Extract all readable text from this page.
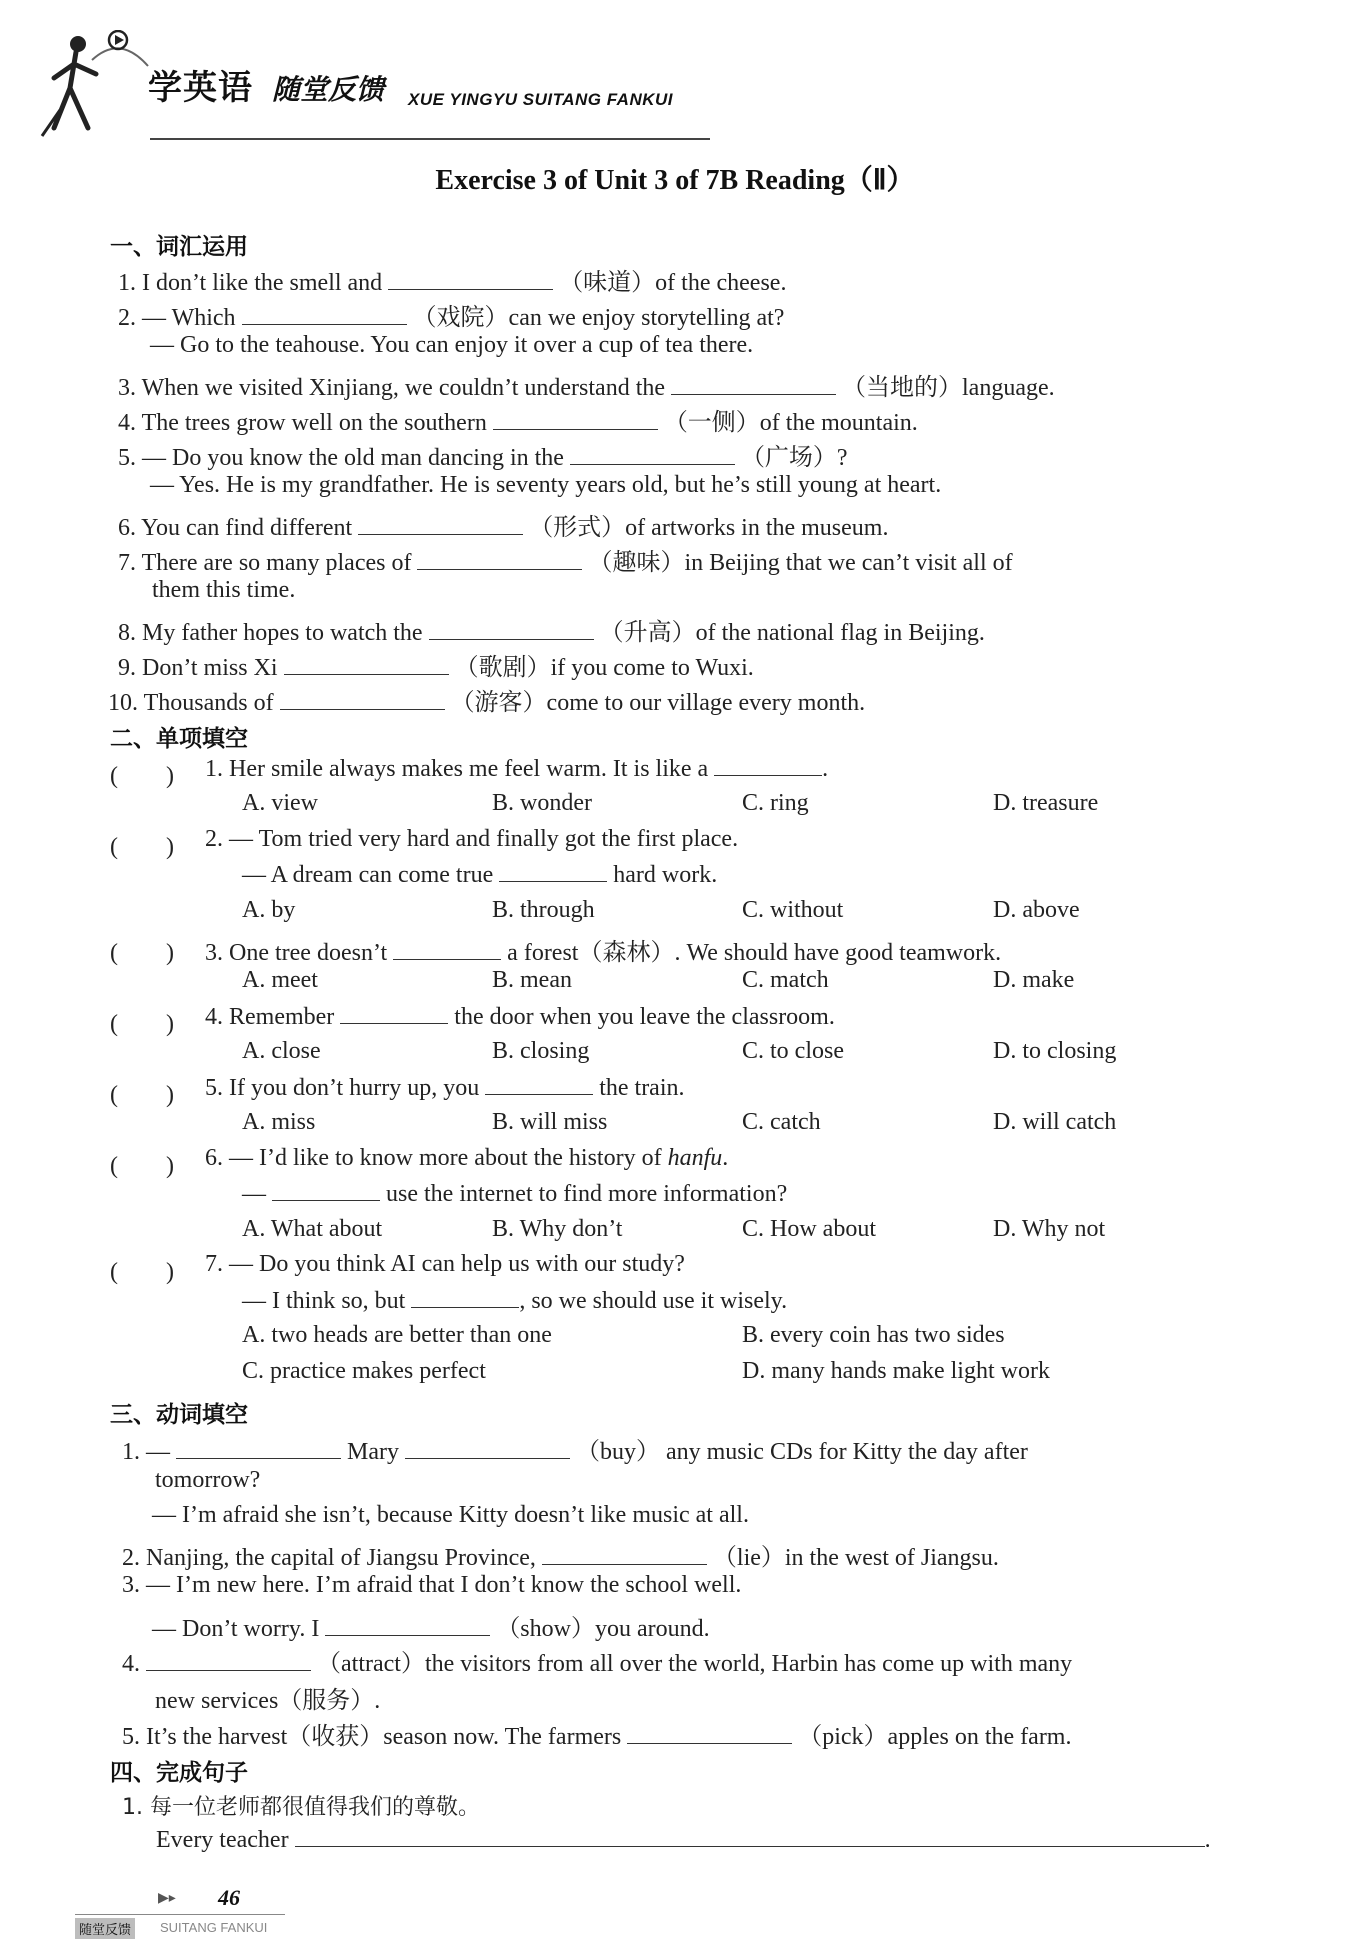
学英语 随堂反馈 XUE YINGYU SUITANG FANKUI
Exercise 3 of Unit 3 of 7B Reading（Ⅱ）
一、词汇运用
1. I don’t like the smell and	（味道）of the cheese.
2. — Which	（戏院）can we enjoy storytelling at?
— Go to the teahouse. You can enjoy it over a cup of tea there.
3. When we visited Xinjiang, we couldn’t understand the	（当地的）language.
4. The trees grow well on the southern	（一侧）of the mountain.
5. — Do you know the old man dancing in the	（广场）?
— Yes. He is my grandfather. He is seventy years old, but he’s still young at heart.
6. You can find different	（形式）of artworks in the museum.
7. There are so many places of	（趣味）in Beijing that we can’t visit all of
them this time.
8. My father hopes to watch the	（升高）of the national flag in Beijing.
9. Don’t miss Xi	（歌剧）if you come to Wuxi.
10. Thousands of	（游客）come to our village every month.
二、单项填空
(　　) 1. Her smile always makes me feel warm. It is like a	.
A. view	B. wonder	C. ring	D. treasure
(　　) 2. — Tom tried very hard and finally got the first place.
— A dream can come true	hard work.
A. by	B. through	C. without	D. above
(　　) 3. One tree doesn’t	a forest（森林）. We should have good teamwork.
A. meet	B. mean	C. match	D. make
(　　) 4. Remember	the door when you leave the classroom.
A. close	B. closing	C. to close	D. to closing
(　　) 5. If you don’t hurry up, you	the train.
A. miss	B. will miss	C. catch	D. will catch
(　　) 6. — I’d like to know more about the history of hanfu.
—	use the internet to find more information?
A. What about	B. Why don’t	C. How about	D. Why not
(　　) 7. — Do you think AI can help us with our study?
— I think so, but	, so we should use it wisely.
A. two heads are better than one	B. every coin has two sides
C. practice makes perfect	D. many hands make light work
三、动词填空
1. —	Mary	（buy） any music CDs for Kitty the day after
tomorrow?
— I’m afraid she isn’t, because Kitty doesn’t like music at all.
2. Nanjing, the capital of Jiangsu Province,	（lie）in the west of Jiangsu.
3. — I’m new here. I’m afraid that I don’t know the school well.
— Don’t worry. I	（show）you around.
4.	（attract）the visitors from all over the world, Harbin has come up with many
new services（服务）.
5. It’s the harvest（收获）season now. The farmers	（pick）apples on the farm.
四、完成句子
1. 每一位老师都很值得我们的尊敬。
Every teacher	.
▶▸ 46
随堂反馈	SUITANG FANKUI
